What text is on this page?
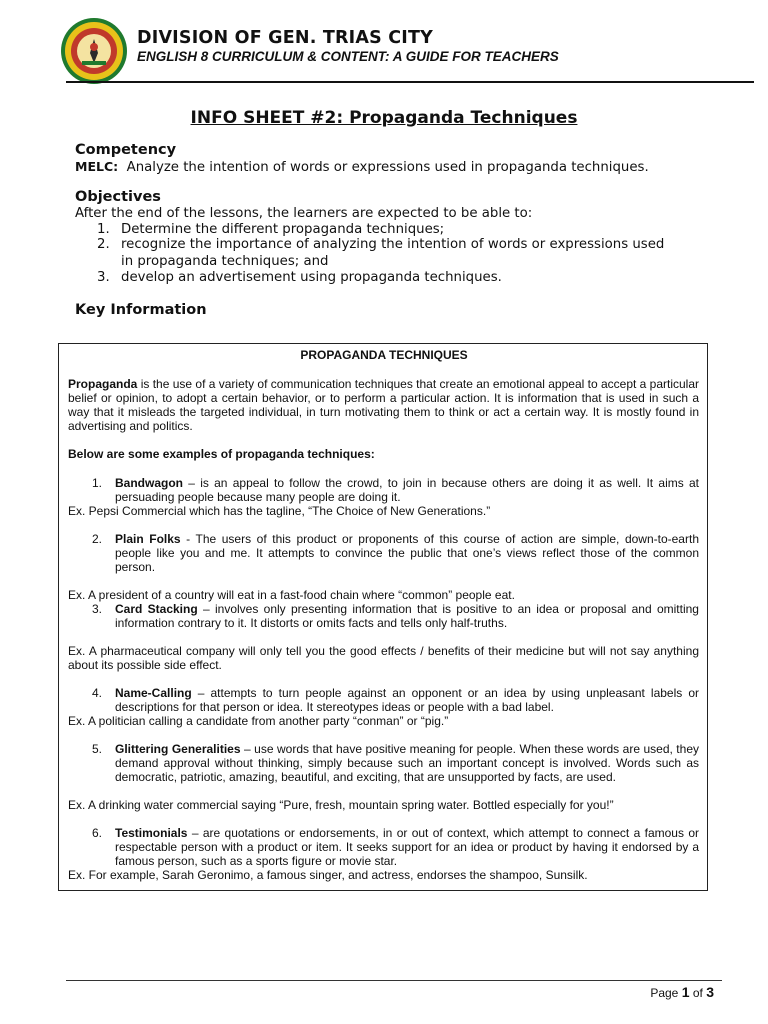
DIVISION OF GEN. TRIAS CITY
ENGLISH 8 CURRICULUM & CONTENT: A GUIDE FOR TEACHERS
INFO SHEET #2: Propaganda Techniques
Competency
MELC: Analyze the intention of words or expressions used in propaganda techniques.
Objectives
After the end of the lessons, the learners are expected to be able to:
1. Determine the different propaganda techniques;
2. recognize the importance of analyzing the intention of words or expressions used
in propaganda techniques; and
3. develop an advertisement using propaganda techniques.
Key Information
PROPAGANDA TECHNIQUES
Propaganda is the use of a variety of communication techniques that create an emotional appeal to accept a particular belief or opinion, to adopt a certain behavior, or to perform a particular action. It is information that is used in such a way that it misleads the targeted individual, in turn motivating them to think or act a certain way. It is mostly found in advertising and politics.
Below are some examples of propaganda techniques:
1. Bandwagon – is an appeal to follow the crowd, to join in because others are doing it as well. It aims at persuading people because many people are doing it.
Ex. Pepsi Commercial which has the tagline, “The Choice of New Generations.”
2. Plain Folks - The users of this product or proponents of this course of action are simple, down-to-earth people like you and me. It attempts to convince the public that one’s views reflect those of the common person.
Ex. A president of a country will eat in a fast-food chain where “common” people eat.
3. Card Stacking – involves only presenting information that is positive to an idea or proposal and omitting information contrary to it. It distorts or omits facts and tells only half-truths.
Ex. A pharmaceutical company will only tell you the good effects / benefits of their medicine but will not say anything about its possible side effect.
4. Name-Calling – attempts to turn people against an opponent or an idea by using unpleasant labels or descriptions for that person or idea. It stereotypes ideas or people with a bad label.
Ex. A politician calling a candidate from another party “conman” or “pig.”
5. Glittering Generalities – use words that have positive meaning for people. When these words are used, they demand approval without thinking, simply because such an important concept is involved. Words such as democratic, patriotic, amazing, beautiful, and exciting, that are unsupported by facts, are used.
Ex. A drinking water commercial saying “Pure, fresh, mountain spring water. Bottled especially for you!”
6. Testimonials – are quotations or endorsements, in or out of context, which attempt to connect a famous or respectable person with a product or item. It seeks support for an idea or product by having it endorsed by a famous person, such as a sports figure or movie star.
Ex. For example, Sarah Geronimo, a famous singer, and actress, endorses the shampoo, Sunsilk.
Page 1 of 3
